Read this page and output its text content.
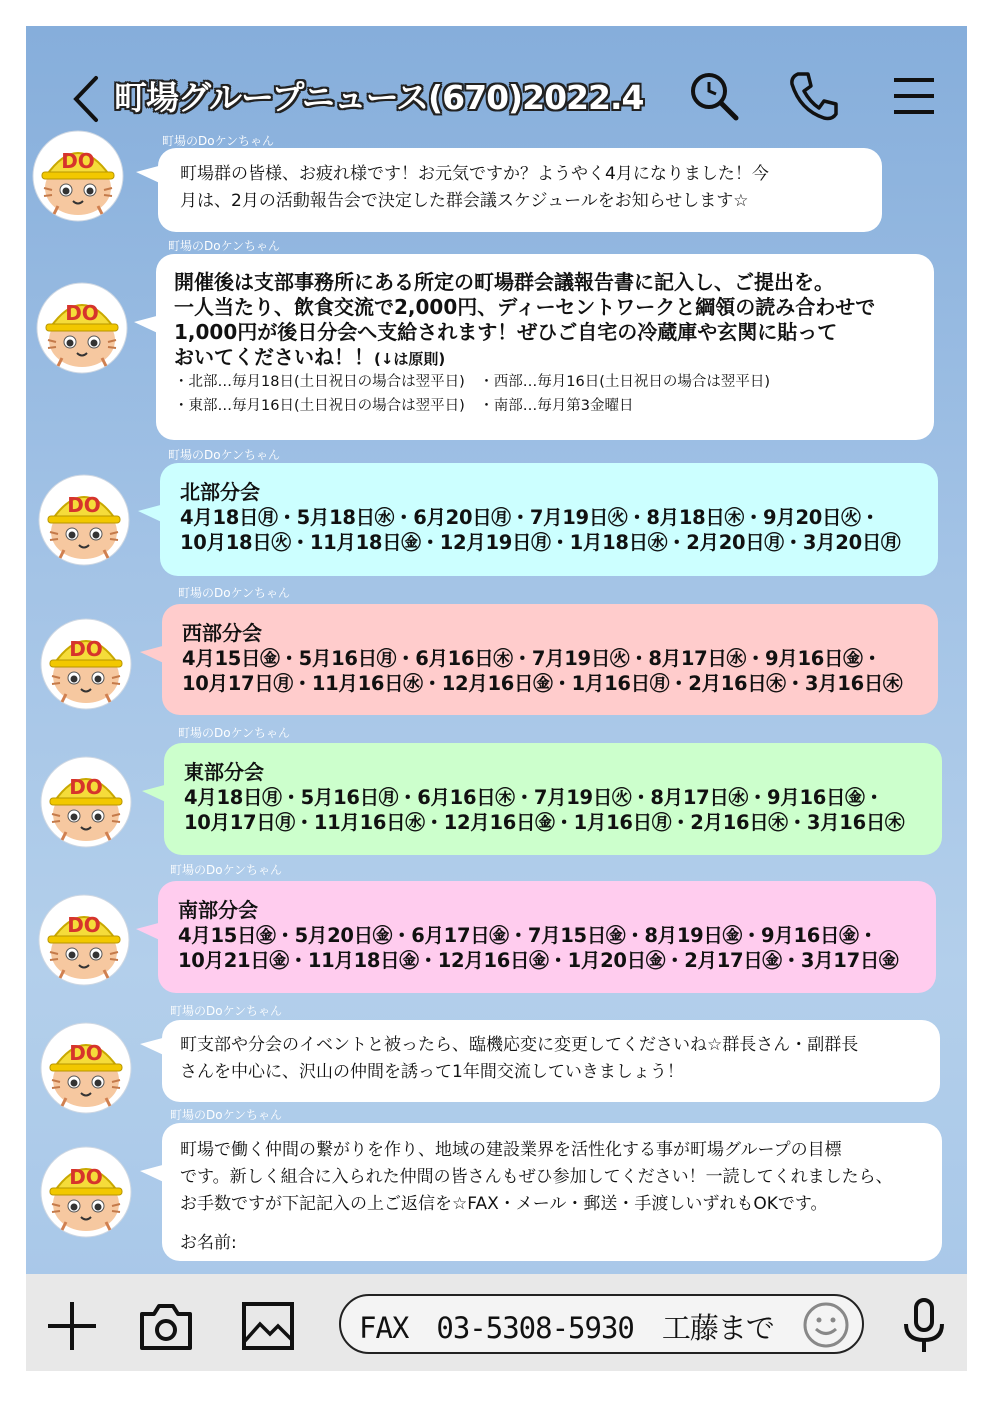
町場グループニュース(670)2022.4
町場のDoケンちゃん
町場群の皆様、お疲れ様です！お元気ですか？ようやく4月になりました！今
月は、2月の活動報告会で決定した群会議スケジュールをお知らせします☆
町場のDoケンちゃん
開催後は支部事務所にある所定の町場群会議報告書に記入し、ご提出を。
一人当たり、飲食交流で2,000円、ディーセントワークと綱領の読み合わせで
1,000円が後日分会へ支給されます！ぜひご自宅の冷蔵庫や玄関に貼って
おいてくださいね！！(↓は原則)
・北部…毎月18日(土日祝日の場合は翌平日)　・西部…毎月16日(土日祝日の場合は翌平日)
・東部…毎月16日(土日祝日の場合は翌平日)　・南部…毎月第3金曜日
町場のDoケンちゃん
北部分会
4月18日㊊・5月18日㊌・6月20日㊊・7月19日㊋・8月18日㊍・9月20日㊋・
10月18日㊋・11月18日㊎・12月19日㊊・1月18日㊌・2月20日㊊・3月20日㊊
町場のDoケンちゃん
西部分会
4月15日㊎・5月16日㊊・6月16日㊍・7月19日㊋・8月17日㊌・9月16日㊎・
10月17日㊊・11月16日㊌・12月16日㊎・1月16日㊊・2月16日㊍・3月16日㊍
町場のDoケンちゃん
東部分会
4月18日㊊・5月16日㊊・6月16日㊍・7月19日㊋・8月17日㊌・9月16日㊎・
10月17日㊊・11月16日㊌・12月16日㊎・1月16日㊊・2月16日㊍・3月16日㊍
町場のDoケンちゃん
南部分会
4月15日㊎・5月20日㊎・6月17日㊎・7月15日㊎・8月19日㊎・9月16日㊎・
10月21日㊎・11月18日㊎・12月16日㊎・1月20日㊎・2月17日㊎・3月17日㊎
町場のDoケンちゃん
町支部や分会のイベントと被ったら、臨機応変に変更してくださいね☆群長さん・副群長
さんを中心に、沢山の仲間を誘って1年間交流していきましょう！
町場のDoケンちゃん
町場で働く仲間の繋がりを作り、地域の建設業界を活性化する事が町場グループの目標
です。新しく組合に入られた仲間の皆さんもぜひ参加してください！一読してくれましたら、
お手数ですが下記記入の上ご返信を☆FAX・メール・郵送・手渡しいずれもOKです。
お名前:
FAX　03-5308-5930　工藤まで
